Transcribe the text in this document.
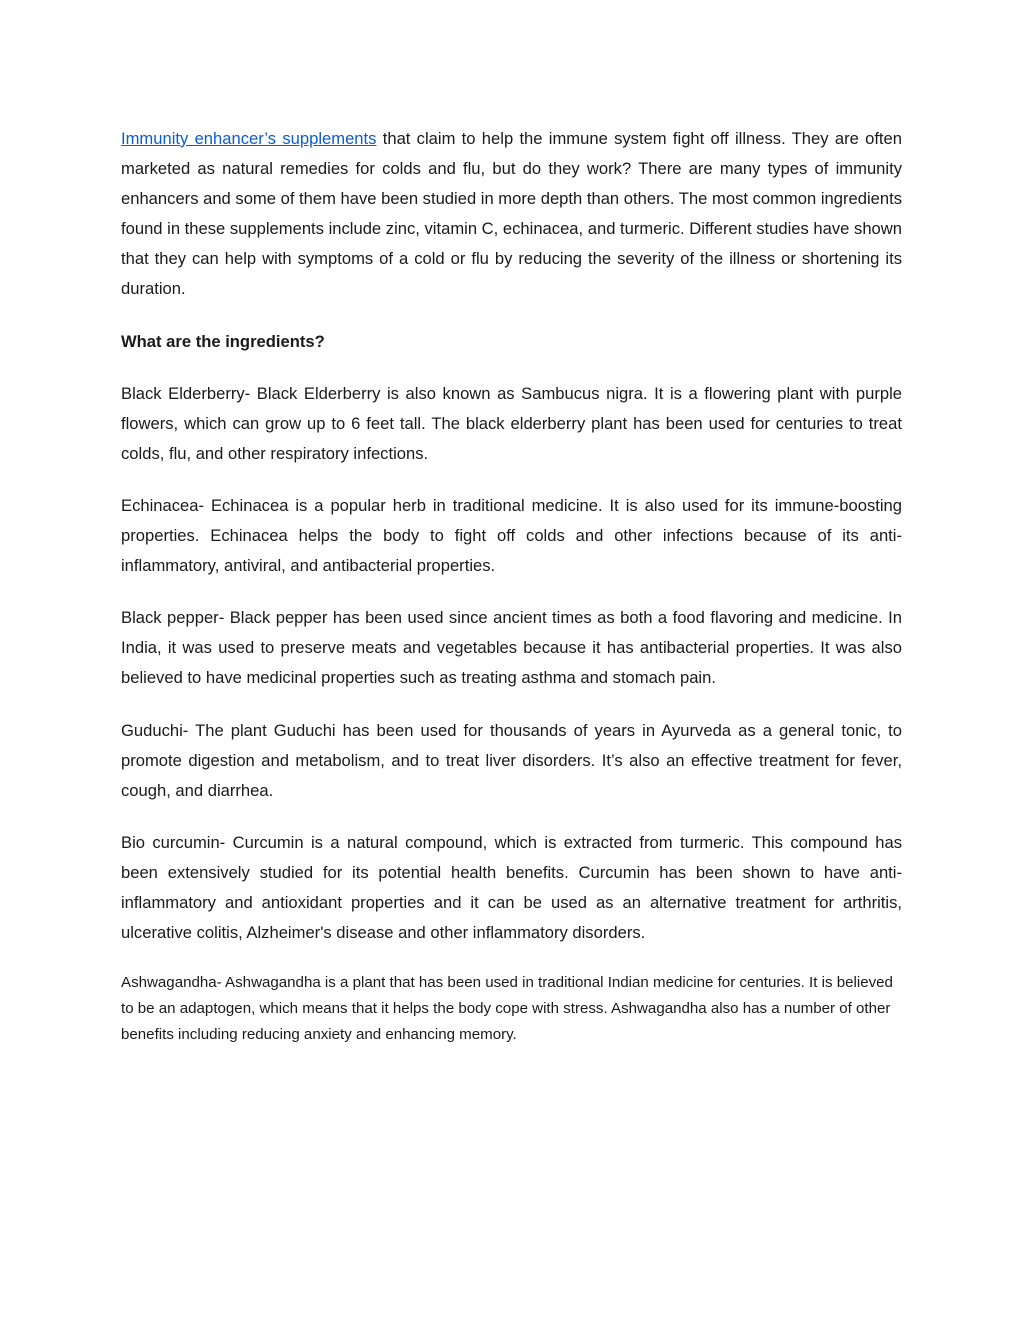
Immunity enhancer’s supplements that claim to help the immune system fight off illness. They are often marketed as natural remedies for colds and flu, but do they work? There are many types of immunity enhancers and some of them have been studied in more depth than others. The most common ingredients found in these supplements include zinc, vitamin C, echinacea, and turmeric. Different studies have shown that they can help with symptoms of a cold or flu by reducing the severity of the illness or shortening its duration.

What are the ingredients?

Black Elderberry- Black Elderberry is also known as Sambucus nigra. It is a flowering plant with purple flowers, which can grow up to 6 feet tall. The black elderberry plant has been used for centuries to treat colds, flu, and other respiratory infections.

Echinacea- Echinacea is a popular herb in traditional medicine. It is also used for its immune-boosting properties. Echinacea helps the body to fight off colds and other infections because of its anti-inflammatory, antiviral, and antibacterial properties.

Black pepper- Black pepper has been used since ancient times as both a food flavoring and medicine. In India, it was used to preserve meats and vegetables because it has antibacterial properties. It was also believed to have medicinal properties such as treating asthma and stomach pain.

Guduchi- The plant Guduchi has been used for thousands of years in Ayurveda as a general tonic, to promote digestion and metabolism, and to treat liver disorders. It’s also an effective treatment for fever, cough, and diarrhea.

Bio curcumin- Curcumin is a natural compound, which is extracted from turmeric. This compound has been extensively studied for its potential health benefits. Curcumin has been shown to have anti-inflammatory and antioxidant properties and it can be used as an alternative treatment for arthritis, ulcerative colitis, Alzheimer's disease and other inflammatory disorders.

Ashwagandha- Ashwagandha is a plant that has been used in traditional Indian medicine for centuries. It is believed to be an adaptogen, which means that it helps the body cope with stress. Ashwagandha also has a number of other benefits including reducing anxiety and enhancing memory.
